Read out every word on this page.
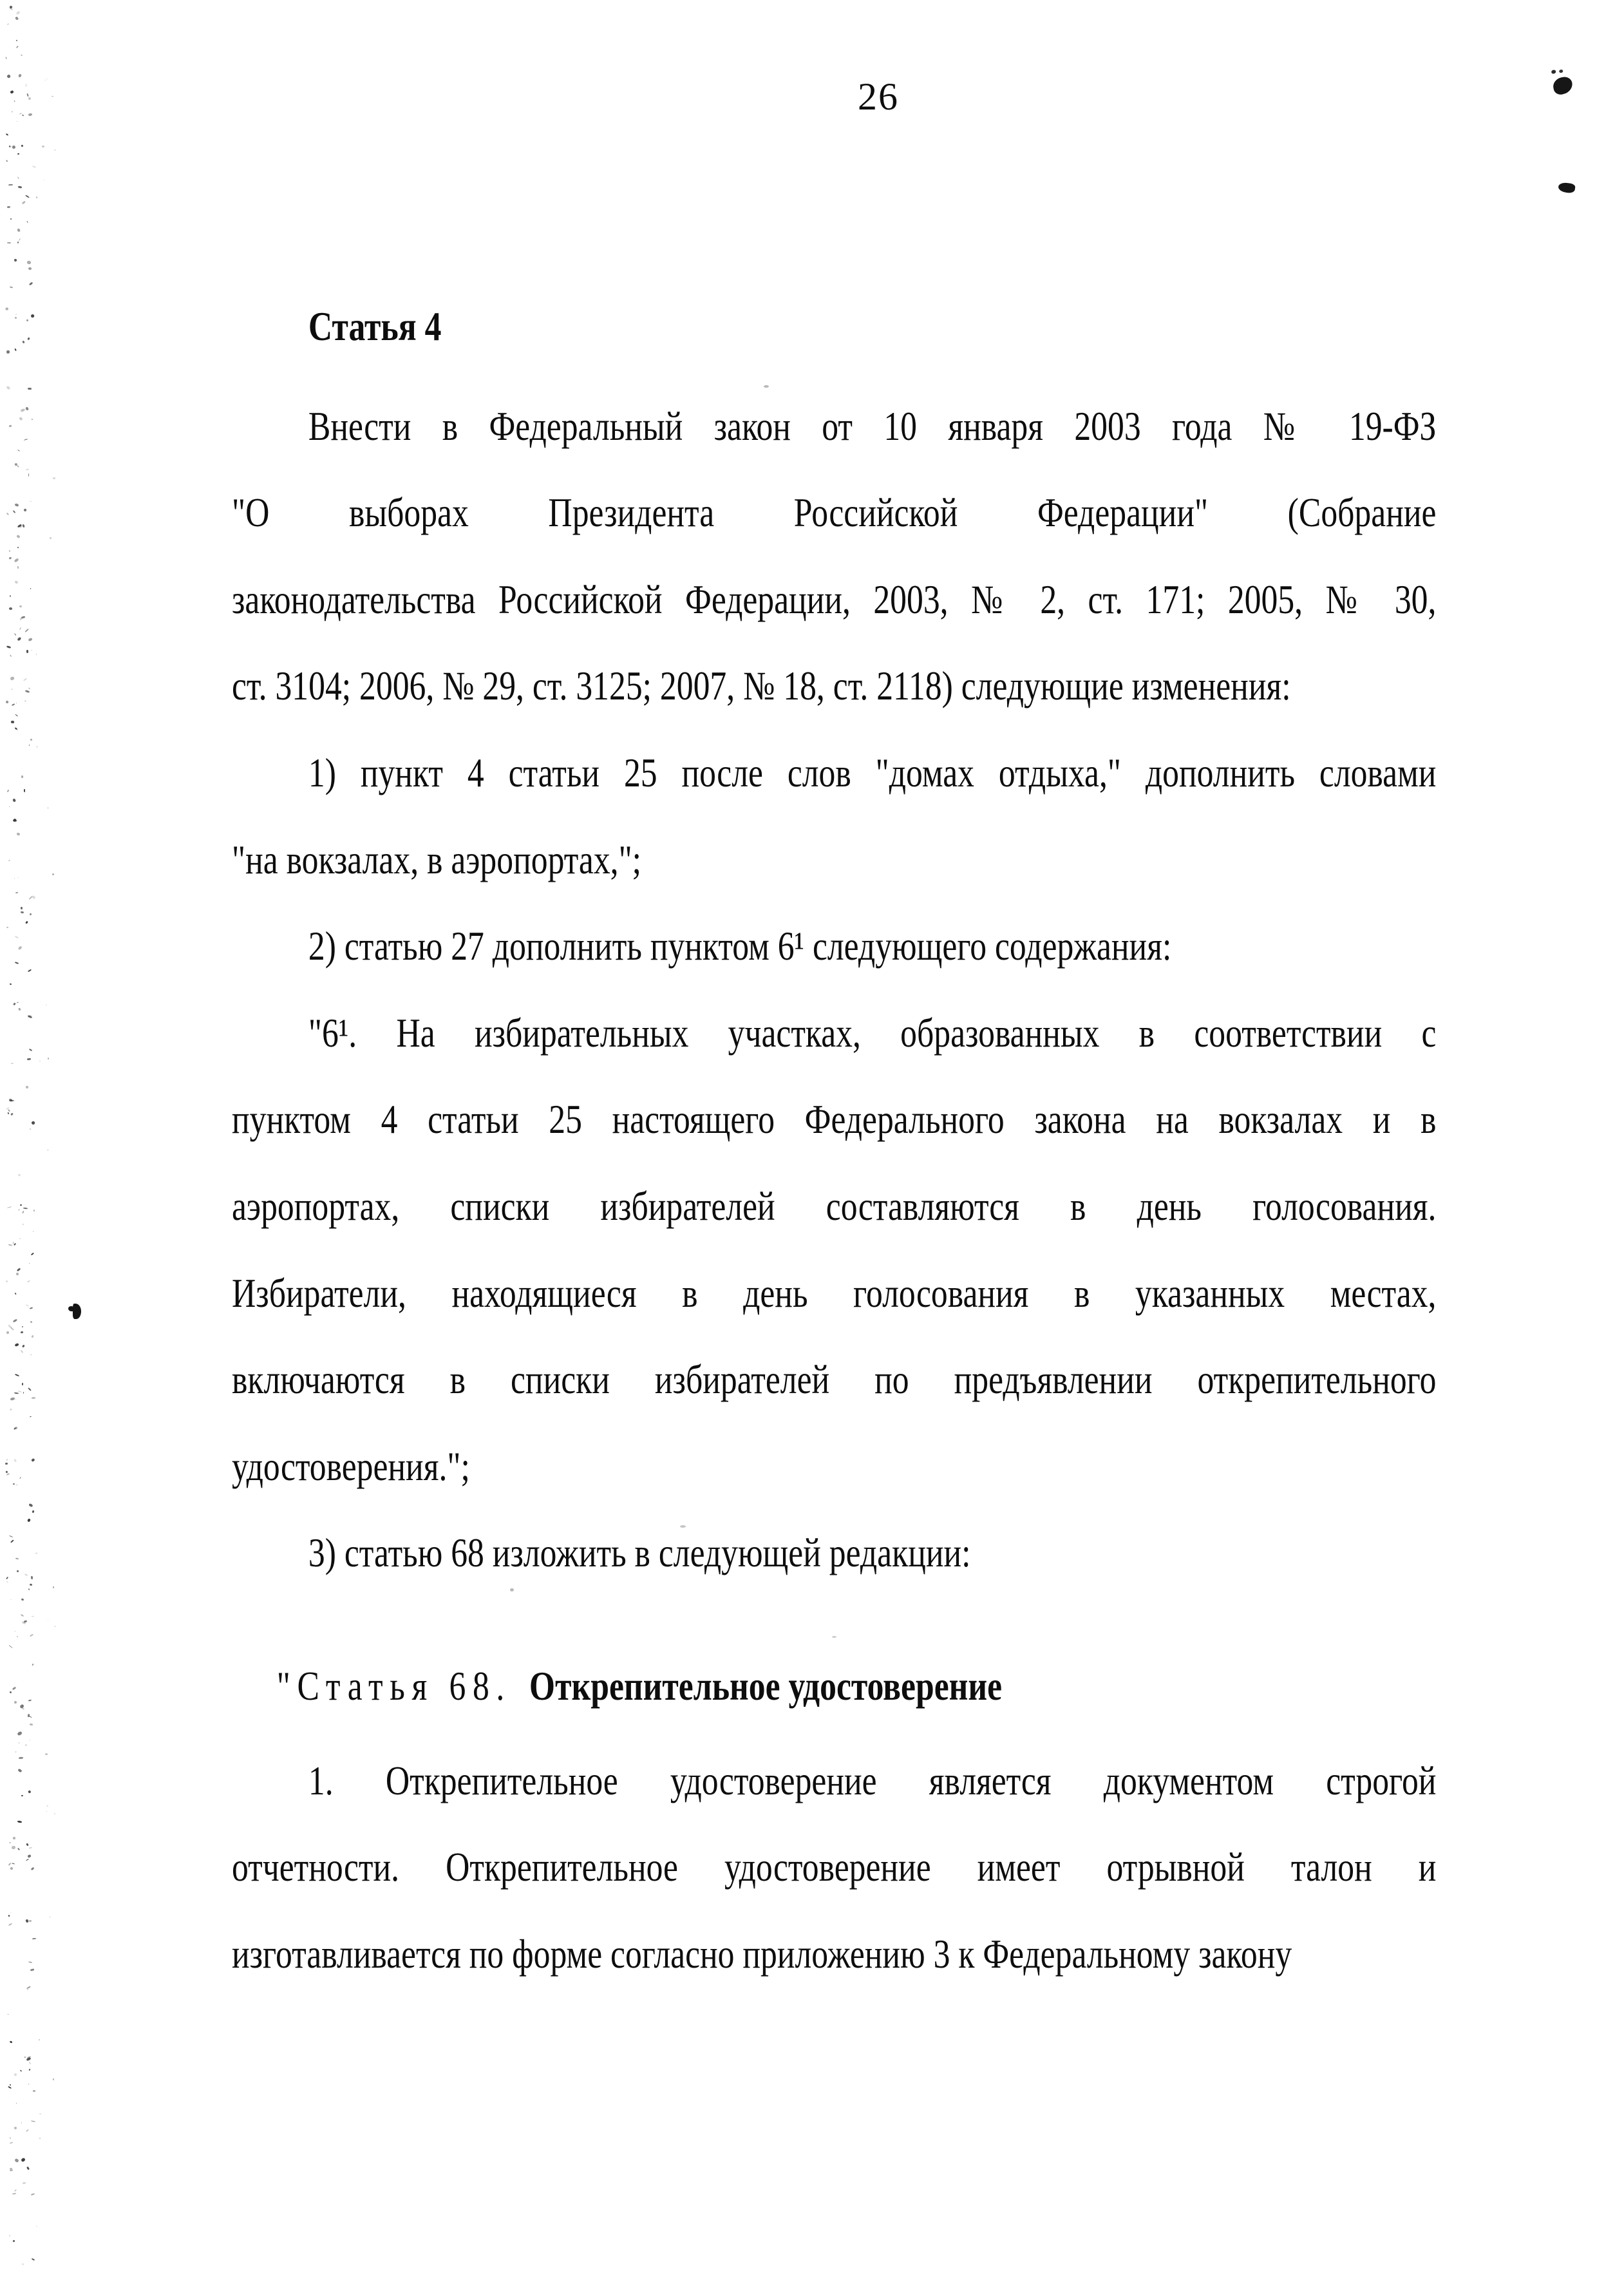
26
Статья 4
Внести в Федеральный закон от 10 января 2003 года № 19-ФЗ
"О выборах Президента Российской Федерации" (Собрание
законодательства Российской Федерации, 2003, № 2, ст. 171; 2005, № 30,
ст. 3104; 2006, № 29, ст. 3125; 2007, № 18, ст. 2118) следующие изменения:
1) пункт 4 статьи 25 после слов "домах отдыха," дополнить словами
"на вокзалах, в аэропортах,";
2) статью 27 дополнить пунктом 6¹ следующего содержания:
"6¹. На избирательных участках, образованных в соответствии с
пунктом 4 статьи 25 настоящего Федерального закона на вокзалах и в
аэропортах, списки избирателей составляются в день голосования.
Избиратели, находящиеся в день голосования в указанных местах,
включаются в списки избирателей по предъявлении открепительного
удостоверения.";
3) статью 68 изложить в следующей редакции:
"Статья 68. Открепительное удостоверение
1. Открепительное удостоверение является документом строгой
отчетности. Открепительное удостоверение имеет отрывной талон и
изготавливается по форме согласно приложению 3 к Федеральному закону
